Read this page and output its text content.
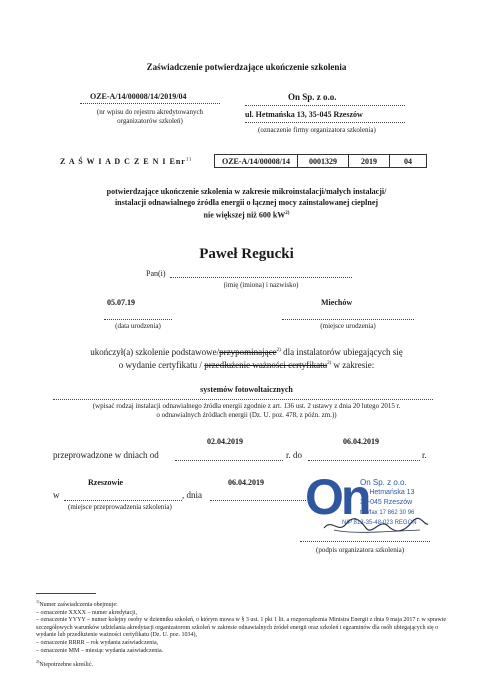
Zaświadczenie potwierdzające ukończenie szkolenia
OZE-A/14/00008/14/2019/04
(nr wpisu do rejestru akredytowanych organizatorów szkoleń)
On Sp. z o.o.
ul. Hetmańska 13, 35-045 Rzeszów
(oznaczenie firmy organizatora szkolenia)
Z A Ś W I A D C Z E N I Enr$^{1)}$	OZE-A/14/00008/14	0001329	2019	04
potwierdzające ukończenie szkolenia w zakresie mikroinstalacji/małych instalacji/
instalacji odnawialnego źródła energii o łącznej mocy zainstalowanej cieplnej
nie większej niż 600 $kW^{2)}$
Paweł Regucki
Pan(i)
(imię (imiona) i nazwisko)
05.07.19
(data urodzenia)
Miechów
(miejsce urodzenia)
ukończył(a) szkolenie podstawowe/przypominające$^{2)}$ dla instalatorów ubiegających się
o wydanie certyfikatu / przedłużenie ważności certyfikatu$^{2)}$ w zakresie:
systemów fotowoltaicznych
(wpisać rodzaj instalacji odnawialnego źródła energii zgodnie z art. 136 ust. 2 ustawy z dnia 20 lutego 2015 r.
o odnawialnych źródłach energii (Dz. U. poz. 478, z późn. zm.))
02.04.2019	06.04.2019
przeprowadzone w dniach od	r. do	r.
Rzeszowie	06.04.2019
w	, dnia
(miejsce przeprowadzenia szkolenia)	On
On Sp. z o.o.
ul. Hetmańska 13
35-045 Rzeszów
tel./fax 17 862 30 96
NIP 813-35-48-023 REGON
(podpis organizatora szkolenia)
$^{1)}$Numer zaświadczenia obejmuje:
– oznaczenie XXXX – numer akredytacji,
– oznaczenie YYYY – numer kolejny osoby w dzienniku szkoleń, o którym mowa w § 3 ust. 1 pkt 1 lit. a rozporządzenia Ministra Energii z dnia 9 maja 2017 r. w sprawie szczegółowych warunków udzielania akredytacji organizatorom szkoleń w zakresie odnawialnych źródeł energii oraz szkoleń i egzaminów dla osób ubiegających się o wydanie lub przedłużenie ważności certyfikatu (Dz. U. poz. 1034),
– oznaczenie RRRR – rok wydania zaświadczenia,
– oznaczenie MM – miesiąc wydania zaświadczenia.
$^{2)}$Niepotrzebne skreślić.
